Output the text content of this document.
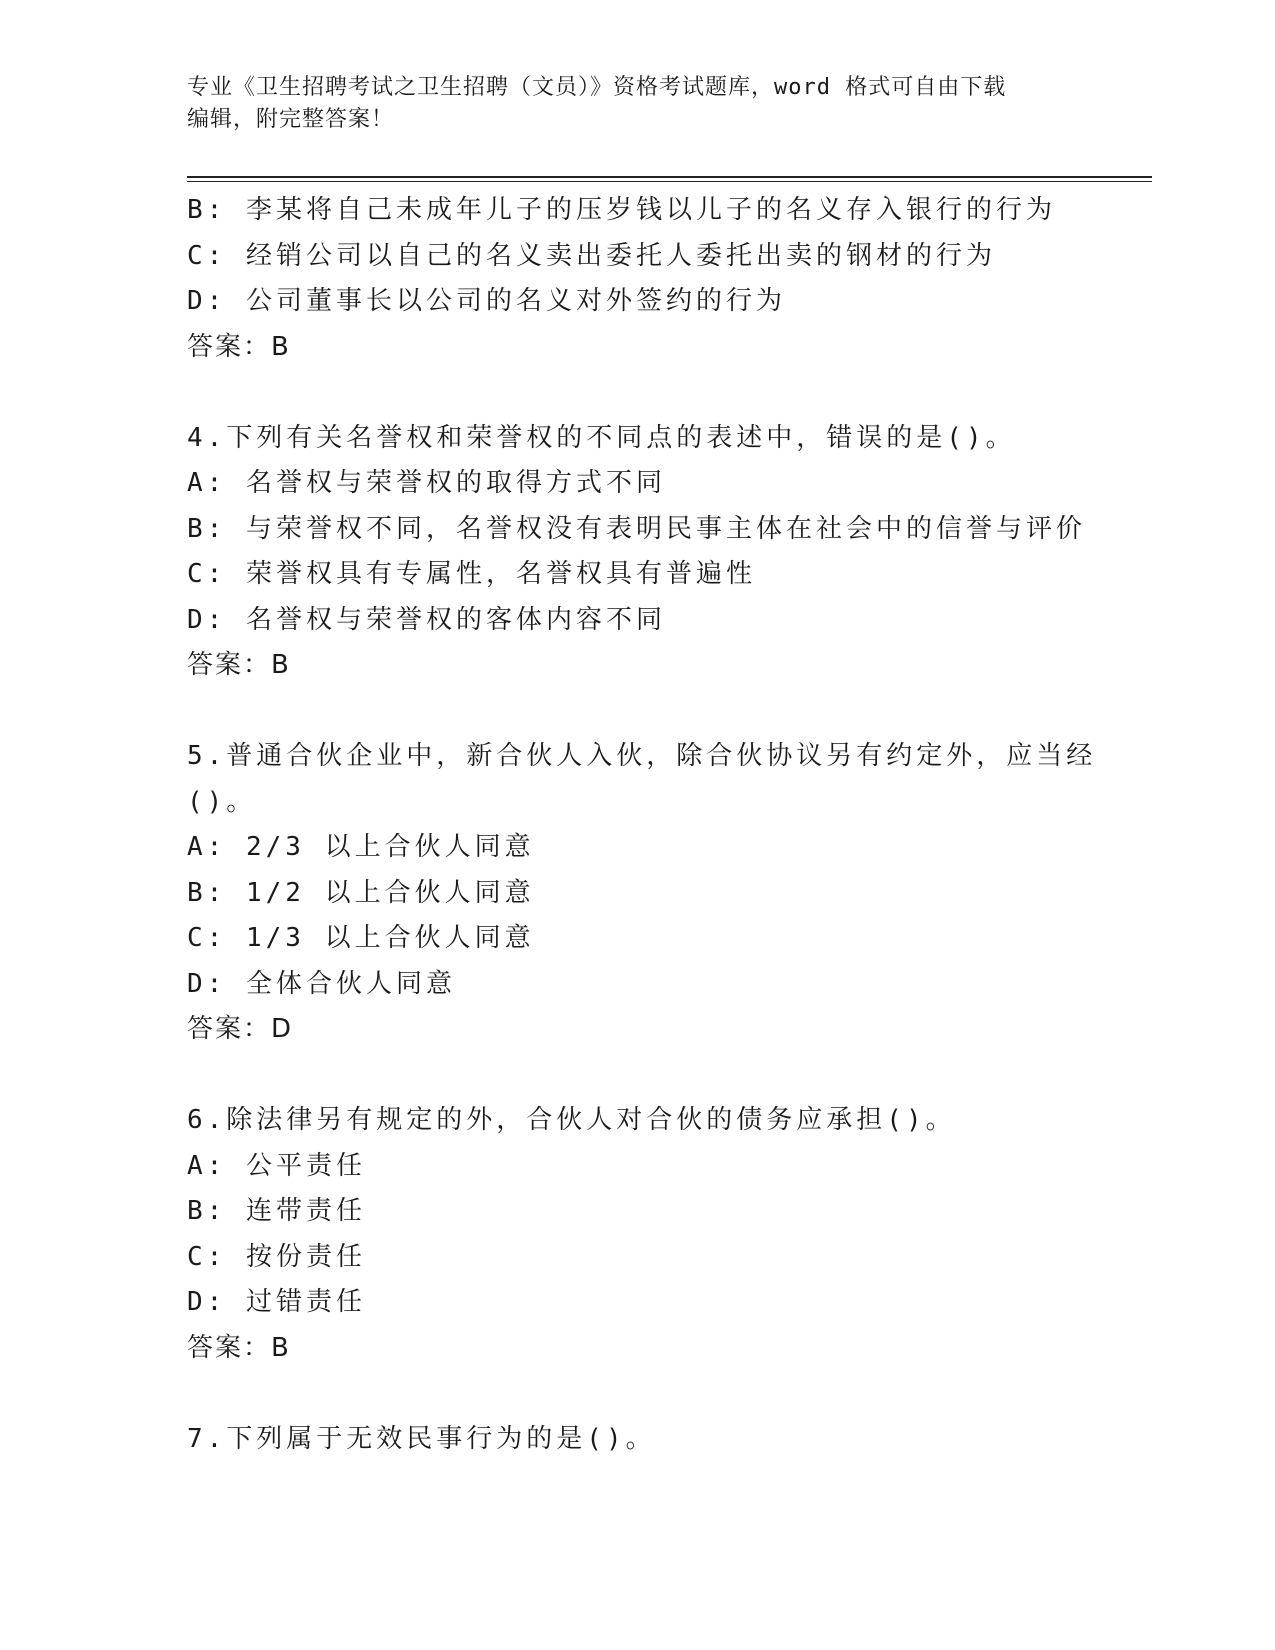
专业《卫生招聘考试之卫生招聘（文员）》资格考试题库，word 格式可自由下载
编辑，附完整答案！
B: 李某将自己未成年儿子的压岁钱以儿子的名义存入银行的行为
C: 经销公司以自己的名义卖出委托人委托出卖的钢材的行为
D: 公司董事长以公司的名义对外签约的行为
答案：B
4.下列有关名誉权和荣誉权的不同点的表述中，错误的是()。
A: 名誉权与荣誉权的取得方式不同
B: 与荣誉权不同，名誉权没有表明民事主体在社会中的信誉与评价
C: 荣誉权具有专属性，名誉权具有普遍性
D: 名誉权与荣誉权的客体内容不同
答案：B
5.普通合伙企业中，新合伙人入伙，除合伙协议另有约定外，应当经
()。
A: 2/3 以上合伙人同意
B: 1/2 以上合伙人同意
C: 1/3 以上合伙人同意
D: 全体合伙人同意
答案：D
6.除法律另有规定的外，合伙人对合伙的债务应承担()。
A: 公平责任
B: 连带责任
C: 按份责任
D: 过错责任
答案：B
7.下列属于无效民事行为的是()。
